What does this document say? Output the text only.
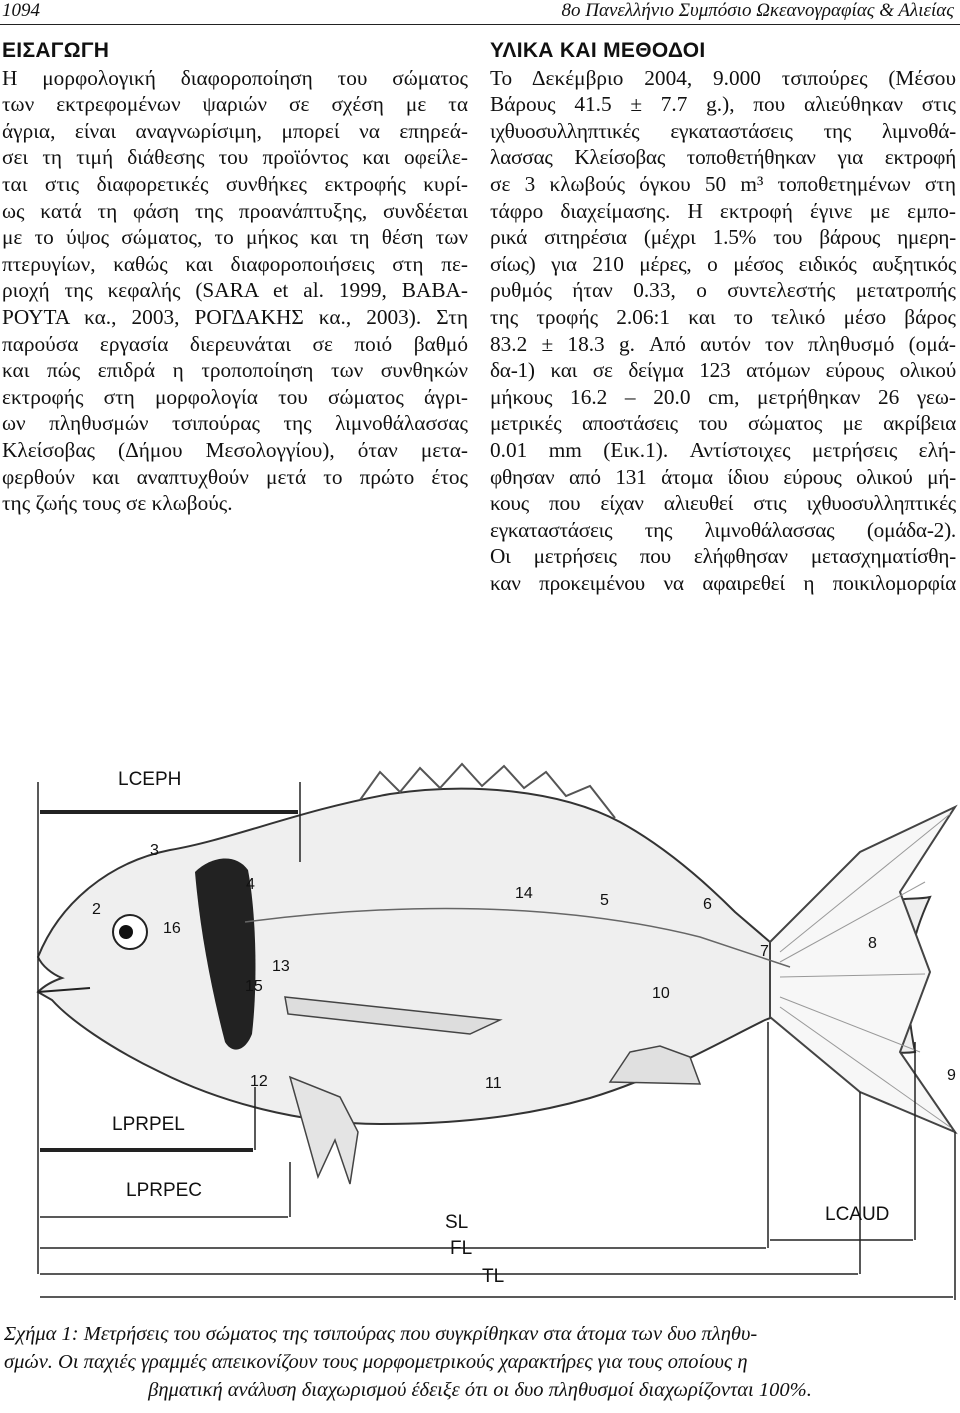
1094	8ο Πανελλήνιο Συμπόσιο Ωκεανογραφίας & Αλιείας
ΕΙΣΑΓΩΓΗ
Η μορφολογική διαφοροποίηση του σώματος
των εκτρεφομένων ψαριών σε σχέση με τα
άγρια, είναι αναγνωρίσιμη, μπορεί να επηρεά-
σει τη τιμή διάθεσης του προϊόντος και οφείλε-
ται στις διαφορετικές συνθήκες εκτροφής κυρί-
ως κατά τη φάση της προανάπτυξης, συνδέεται
με το ύψος σώματος, το μήκος και τη θέση των
πτερυγίων, καθώς και διαφοροποιήσεις στη πε-
ριοχή της κεφαλής (SARA et al. 1999, ΒΑΒΑ-
ΡΟΥΤΑ κα., 2003, ΡΟΓΔΑΚΗΣ κα., 2003). Στη
παρούσα εργασία διερευνάται σε ποιό βαθμό
και πώς επιδρά η τροποποίηση των συνθηκών
εκτροφής στη μορφολογία του σώματος άγρι-
ων πληθυσμών τσιπούρας της λιμνοθάλασσας
Κλείσοβας (Δήμου Μεσολογγίου), όταν μετα-
φερθούν και αναπτυχθούν μετά το πρώτο έτος
της ζωής τους σε κλωβούς.
ΥΛΙΚΑ ΚΑΙ ΜΕΘΟΔΟΙ
Το Δεκέμβριο 2004, 9.000 τσιπούρες (Μέσου
Βάρους 41.5 ± 7.7 g.), που αλιεύθηκαν στις
ιχθυοσυλληπτικές εγκαταστάσεις της λιμνοθά-
λασσας Κλείσοβας τοποθετήθηκαν για εκτροφή
σε 3 κλωβούς όγκου 50 m³ τοποθετημένων στη
τάφρο διαχείμασης. Η εκτροφή έγινε με εμπο-
ρικά σιτηρέσια (μέχρι 1.5% του βάρους ημερη-
σίως) για 210 μέρες, ο μέσος ειδικός αυξητικός
ρυθμός ήταν 0.33, ο συντελεστής μετατροπής
της τροφής 2.06:1 και το τελικό μέσο βάρος
83.2 ± 18.3 g. Από αυτόν τον πληθυσμό (ομά-
δα-1) και σε δείγμα 123 ατόμων εύρους ολικού
μήκους 16.2 – 20.0 cm, μετρήθηκαν 26 γεω-
μετρικές αποστάσεις του σώματος με ακρίβεια
0.01 mm (Εικ.1). Αντίστοιχες μετρήσεις ελή-
φθησαν από 131 άτομα ίδιου εύρους ολικού μή-
κους που είχαν αλιευθεί στις ιχθυοσυλληπτικές
εγκαταστάσεις της λιμνοθάλασσας (ομάδα-2).
Οι μετρήσεις που ελήφθησαν μετασχηματίσθη-
καν προκειμένου να αφαιρεθεί η ποικιλομορφία
LCEPH
LPRPEL
LPRPEC
LCAUD
SL
FL
TL
2
3
4
5	6
7	8
9
10
11
12
13
14
15
16
Σχήμα 1: Μετρήσεις του σώματος της τσιπούρας που συγκρίθηκαν στα άτομα των δυο πληθυ-
σμών. Οι παχιές γραμμές απεικονίζουν τους μορφομετρικούς χαρακτήρες για τους οποίους η
βηματική ανάλυση διαχωρισμού έδειξε ότι οι δυο πληθυσμοί διαχωρίζονται 100%.
